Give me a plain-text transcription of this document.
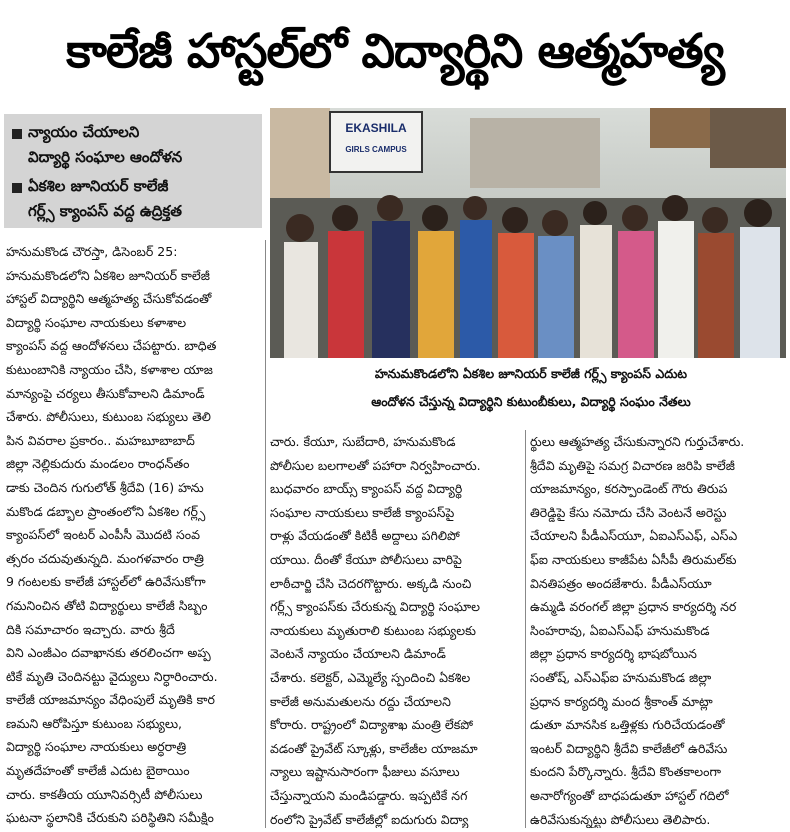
కాలేజీ హాస్టల్‌లో విద్యార్థిని ఆత్మహత్య
న్యాయం చేయాలని
విద్యార్థి సంఘాల ఆందోళన
ఏకశిల జూనియర్ కాలేజీ
గర్ల్స్ క్యాంపస్ వద్ద ఉద్రిక్తత
EKASHILA
GIRLS CAMPUS
హనుమకొండలోని ఏకశిల జూనియర్ కాలేజీ గర్ల్స్ క్యాంపస్ ఎదుట
ఆందోళన చేస్తున్న విద్యార్థిని కుటుంబీకులు, విద్యార్థి సంఘం నేతలు
హనుమకొండ చౌరస్తా, డిసెంబర్ 25:
హనుమకొండలోని ఏకశిల జూనియర్ కాలేజీ
హాస్టల్ విద్యార్థిని ఆత్మహత్య చేసుకోవడంతో
విద్యార్థి సంఘాల నాయకులు కళాశాల
క్యాంపస్ వద్ద ఆందోళనలు చేపట్టారు. బాధిత
కుటుంబానికి న్యాయం చేసి, కళాశాల యాజ
మాన్యంపై చర్యలు తీసుకోవాలని డిమాండ్
చేశారు. పోలీసులు, కుటుంబ సభ్యులు తెలి
పిన వివరాల ప్రకారం.. మహబూబాబాద్
జిల్లా నెల్లికుదురు మండలం రాంధన్‌తం
డాకు చెందిన గుగులోత్ శ్రీదేవి (16) హను
మకొండ డబ్బాల ప్రాంతంలోని ఏకశిల గర్ల్స్
క్యాంపస్‌లో ఇంటర్ ఎంపీసీ మొదటి సంవ
త్సరం చదువుతున్నది. మంగళవారం రాత్రి
9 గంటలకు కాలేజీ హాస్టల్‌లో ఉరివేసుకోగా
గమనించిన తోటి విద్యార్థులు కాలేజీ సిబ్బం
దికి సమాచారం ఇచ్చారు. వారు శ్రీదే
విని ఎంజీఎం దవాఖానకు తరలించగా అప్ప
టికే మృతి చెందినట్టు వైద్యులు నిర్ధారించారు.
కాలేజీ యాజమాన్యం వేధింపులే మృతికి కార
ణమని ఆరోపిస్తూ కుటుంబ సభ్యులు,
విద్యార్థి సంఘాల నాయకులు అర్ధరాత్రి
మృతదేహంతో కాలేజీ ఎదుట బైఠాయిం
చారు. కాకతీయ యూనివర్సిటీ పోలీసులు
ఘటనా స్థలానికి చేరుకుని పరిస్థితిని సమీక్షిం
చారు. కేయూ, సుబేదారి, హనుమకొండ
పోలీసుల బలగాలతో పహారా నిర్వహించారు.
బుధవారం బాయ్స్ క్యాంపస్ వద్ద విద్యార్థి
సంఘాల నాయకులు కాలేజీ క్యాంపస్‌పై
రాళ్లు వేయడంతో కిటికీ అద్దాలు పగిలిపో
యాయి. దీంతో కేయూ పోలీసులు వారిపై
లాఠీచార్జి చేసి చెదరగొట్టారు. అక్కడి నుంచి
గర్ల్స్ క్యాంపస్‌కు చేరుకున్న విద్యార్థి సంఘాల
నాయకులు మృతురాలి కుటుంబ సభ్యులకు
వెంటనే న్యాయం చేయాలని డిమాండ్
చేశారు. కలెక్టర్, ఎమ్మెల్యే స్పందించి ఏకశిల
కాలేజీ అనుమతులను రద్దు చేయాలని
కోరారు. రాష్ట్రంలో విద్యాశాఖ మంత్రి లేకపో
వడంతో ప్రైవేట్ స్కూళ్లు, కాలేజీల యాజమా
న్యాలు ఇష్టానుసారంగా ఫీజులు వసూలు
చేస్తున్నాయని మండిపడ్డారు. ఇప్పటికే నగ
రంలోని ప్రైవేట్ కాలేజీల్లో ఐదుగురు విద్యా
ర్థులు ఆత్మహత్య చేసుకున్నారని గుర్తుచేశారు.
శ్రీదేవి మృతిపై సమగ్ర విచారణ జరిపి కాలేజీ
యాజమాన్యం, కరస్పాండెంట్ గౌరు తిరుప
తిరెడ్డిపై కేసు నమోదు చేసి వెంటనే అరెస్టు
చేయాలని పీడీఎస్‌యూ, ఏఐఎస్‌ఎఫ్, ఎస్‌ఎ
ఫ్‌ఐ నాయకులు కాజీపేట ఏసీపీ తిరుమల్‌కు
వినతిపత్రం అందజేశారు. పీడీఎస్‌యూ
ఉమ్మడి వరంగల్ జిల్లా ప్రధాన కార్యదర్శి నర
సింహరావు, ఏఐఎస్‌ఎఫ్ హనుమకొండ
జిల్లా ప్రధాన కార్యదర్శి భాషబోయిన
సంతోష్, ఎస్‌ఎఫ్‌ఐ హనుమకొండ జిల్లా
ప్రధాన కార్యదర్శి మంద శ్రీకాంత్ మాట్లా
డుతూ మానసిక ఒత్తిళ్లకు గురిచేయడంతో
ఇంటర్ విద్యార్థిని శ్రీదేవి కాలేజీలో ఉరివేసు
కుందని పేర్కొన్నారు. శ్రీదేవి కొంతకాలంగా
అనారోగ్యంతో బాధపడుతూ హాస్టల్ గదిలో
ఉరివేసుకున్నట్టు పోలీసులు తెలిపారు.
